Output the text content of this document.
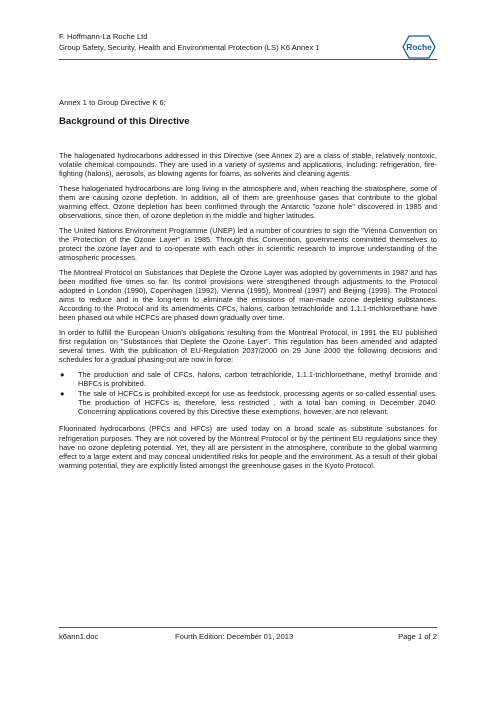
F. Hoffmann-La Roche Ltd
Group Safety, Security, Health and Environmental Protection (LS) K6 Annex 1	Roche
Annex 1 to Group Directive K 6:
Background of this Directive

The halogenated hydrocarbons addressed in this Directive (see Annex 2) are a class of stable, relatively nontoxic, volatile chemical compounds. They are used in a variety of systems and applications, including: refrigeration, fire-fighting (halons), aerosols, as blowing agents for foams, as solvents and cleaning agents.

These halogenated hydrocarbons are long living in the atmosphere and, when reaching the stratosphere, some of them are causing ozone depletion. In addition, all of them are greenhouse gases that contribute to the global warming effect. Ozone depletion has been confirmed through the Antarctic "ozone hole" discovered in 1985 and observations, since then, of ozone depletion in the middle and higher latitudes.

The United Nations Environment Programme (UNEP) led a number of countries to sign the "Vienna Convention on the Protection of the Ozone Layer" in 1985. Through this Convention, governments committed themselves to protect the ozone layer and to co-operate with each other in scientific research to improve understanding of the atmospheric processes.

The Montreal Protocol on Substances that Deplete the Ozone Layer was adopted by governments in 1987 and has been modified five times so far. Its control provisions were strengthened through adjustments to the Protocol adopted in London (1990), Copenhagen (1992), Vienna (1995), Montreal (1997) and Beijing (1999). The Protocol aims to reduce and in the long-term to eliminate the emissions of man-made ozone depleting substances. According to the Protocol and its amendments CFCs, halons, carbon tetrachloride and 1.1.1-trichloroethane have been phased out while HCFCs are phased down gradually over time.

In order to fulfill the European Union's obligations resulting from the Montreal Protocol, in 1991 the EU published first regulation on "Substances that Deplete the Ozone Layer". This regulation has been amended and adapted several times. With the publication of EU-Regulation 2037/2000 on 29 June 2000 the following decisions and schedules for a gradual phasing-out are now in force:

● The production and sale of CFCs, halons, carbon tetrachloride, 1.1.1-trichloroethane, methyl bromide and HBFCs is prohibited.
● The sale of HCFCs is prohibited except for use as feedstock, processing agents or so-called essential uses. The production of HCFCs is, therefore, less restricted , with a total ban coming in December 2040. Concerning applications covered by this Directive these exemptions, however, are not relevant.

Fluorinated hydrocarbons (PFCs and HFCs) are used today on a broad scale as substitute substances for refrigeration purposes. They are not covered by the Montreal Protocol or by the pertinent EU regulations since they have no ozone depleting potential. Yet, they all are persistent in the atmosphere, contribute to the global warming effect to a large extent and may conceal unidentified risks for people and the environment. As a result of their global warming potential, they are explicitly listed amongst the greenhouse gases in the Kyoto Protocol.

k6ann1.doc	Fourth Edition: December 01, 2013	Page 1 of 2
